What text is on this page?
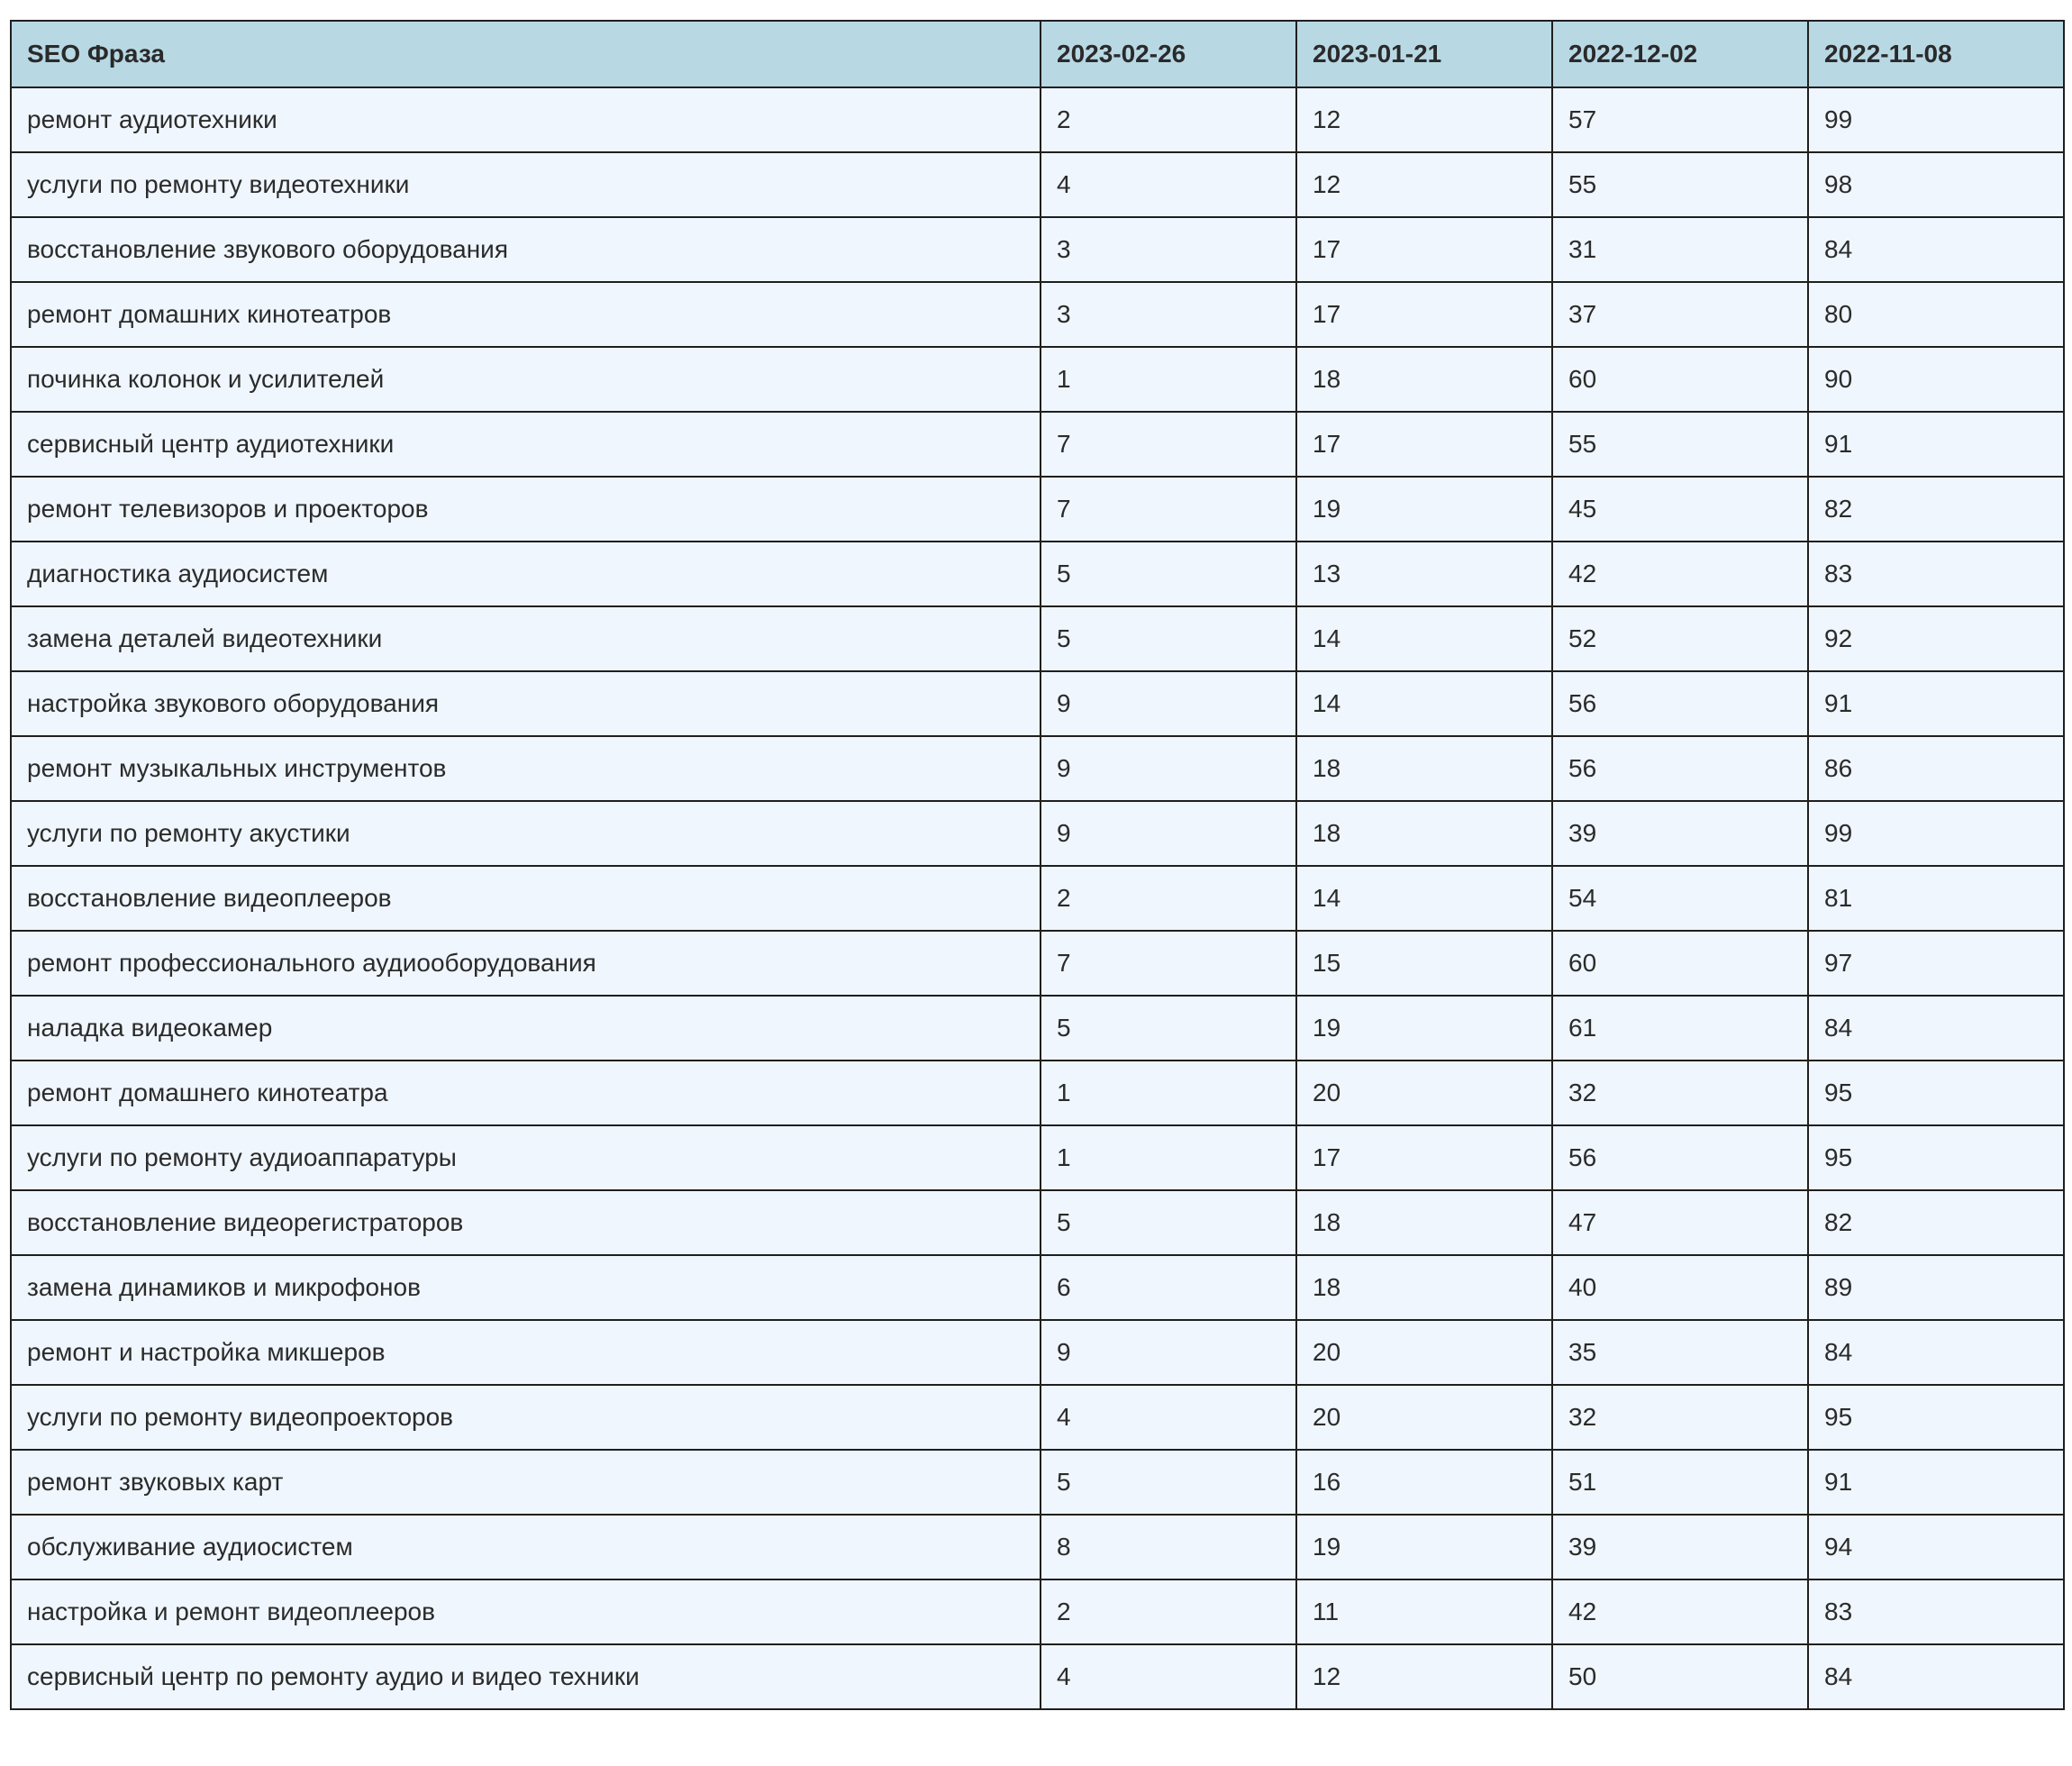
SEO Фраза	2023-02-26	2023-01-21	2022-12-02	2022-11-08
ремонт аудиотехники	2	12	57	99
услуги по ремонту видеотехники	4	12	55	98
восстановление звукового оборудования	3	17	31	84
ремонт домашних кинотеатров	3	17	37	80
починка колонок и усилителей	1	18	60	90
сервисный центр аудиотехники	7	17	55	91
ремонт телевизоров и проекторов	7	19	45	82
диагностика аудиосистем	5	13	42	83
замена деталей видеотехники	5	14	52	92
настройка звукового оборудования	9	14	56	91
ремонт музыкальных инструментов	9	18	56	86
услуги по ремонту акустики	9	18	39	99
восстановление видеоплееров	2	14	54	81
ремонт профессионального аудиооборудования	7	15	60	97
наладка видеокамер	5	19	61	84
ремонт домашнего кинотеатра	1	20	32	95
услуги по ремонту аудиоаппаратуры	1	17	56	95
восстановление видеорегистраторов	5	18	47	82
замена динамиков и микрофонов	6	18	40	89
ремонт и настройка микшеров	9	20	35	84
услуги по ремонту видеопроекторов	4	20	32	95
ремонт звуковых карт	5	16	51	91
обслуживание аудиосистем	8	19	39	94
настройка и ремонт видеоплееров	2	11	42	83
сервисный центр по ремонту аудио и видео техники	4	12	50	84
